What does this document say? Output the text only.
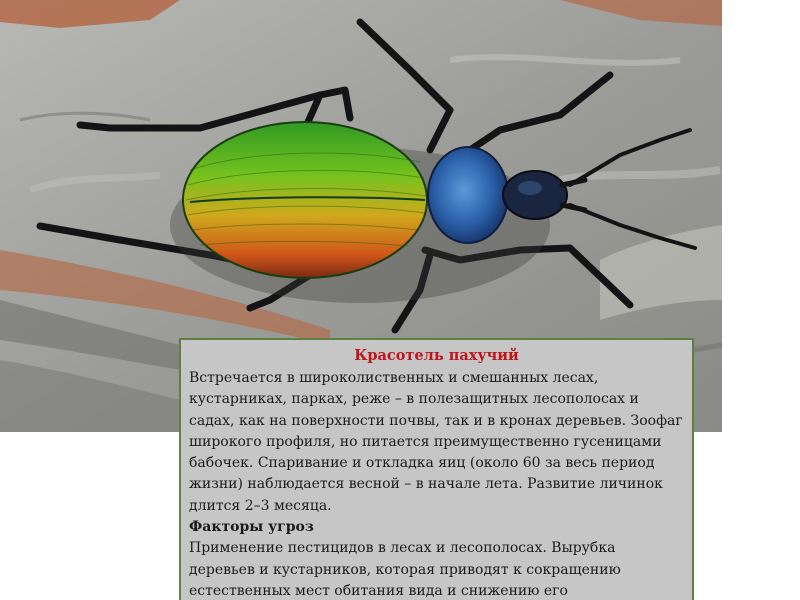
Красотель пахучий

Встречается в широколиственных и смешанных лесах, кустарниках, парках, реже – в полезащитных лесополосах и садах, как на поверхности почвы, так и в кронах деревьев. Зоофаг широкого профиля, но питается преимущественно гусеницами бабочек. Спаривание и откладка яиц (около 60 за весь период жизни) наблюдается весной – в начале лета. Развитие личинок длится 2–3 месяца.

Факторы угроз

Применение пестицидов в лесах и лесополосах. Вырубка деревьев и кустарников, которая приводят к сокращению естественных мест обитания вида и снижению его
